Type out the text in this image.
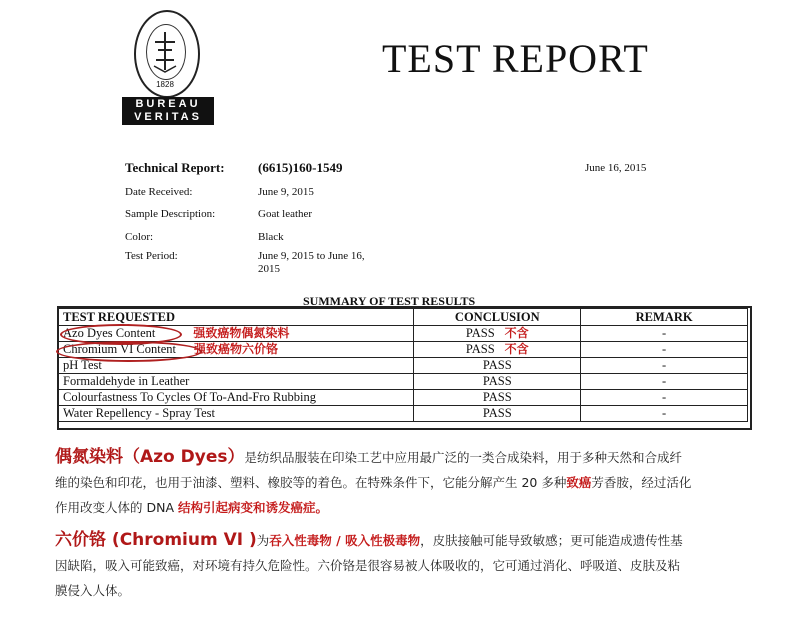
1828
BUREAU
VERITAS
TEST REPORT
Technical Report:	(6615)160-1549	June 16, 2015
Date Received:	June 9, 2015
Sample Description:	Goat leather
Color:	Black
Test Period:	June 9, 2015 to June 16,
2015
SUMMARY OF TEST RESULTS
TEST REQUESTED	CONCLUSION	REMARK
Azo Dyes Content 强致癌物偶氮染料	PASS 不含	-
Chromium VI Content 强致癌物六价铬	PASS 不含	-
pH Test	PASS	-
Formaldehyde in Leather	PASS	-
Colourfastness To Cycles Of To-And-Fro Rubbing	PASS	-
Water Repellency - Spray Test	PASS	-
偶氮染料（Azo Dyes）是纺织品服装在印染工艺中应用最广泛的一类合成染料，用于多种天然和合成纤
维的染色和印花，也用于油漆、塑料、橡胶等的着色。在特殊条件下，它能分解产生 20 多种致癌芳香胺，经过活化
作用改变人体的 DNA 结构引起病变和诱发癌症。
六价铬 (Chromium VI )为吞入性毒物 / 吸入性极毒物，皮肤接触可能导致敏感；更可能造成遗传性基
因缺陷，吸入可能致癌，对环境有持久危险性。六价铬是很容易被人体吸收的，它可通过消化、呼吸道、皮肤及粘
膜侵入人体。
